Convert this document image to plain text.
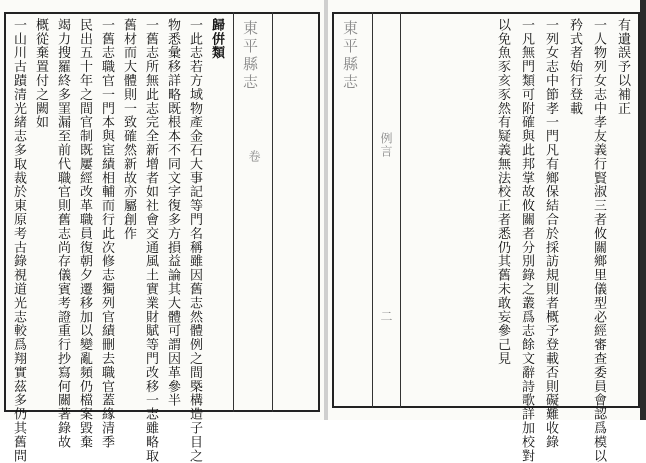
東平縣志
卷
歸倂類
一此志若方域物產金石大事記等門名稱雖因舊志然體例之間槩構造子目之
物悉彙移詳略既根本不同文字復多方損益論其大體可謂因革參半
一舊志所無此志完全新增者如社會交通風土實業財賦等門改移一志雖略取
舊材而大體則一致確然新故亦屬創作
一舊志職官一門本與宦績相輔而行此次修志獨列官績刪去職官蓋緣清季
民出五十年之間官制既屢經改革職員復朝夕遷移加以變亂頻仍檔案毀棄
竭力搜羅終多罣漏至前代職官則舊志尚存儀賓考證重行抄寫何關著錄故
概從棄置付之闕如
一山川古蹟清光緒志多取裁於東原考古錄視道光志較爲翔實茲多仍其舊問	東平縣志
例言
二
有遺誤予以補正
一人物列女志中孝友義行賢淑三者攸關鄉里儀型必經審查委員會認爲模以
矜式者始行登載
一列女志中節孝一門凡有鄉保結合於採訪規則者概予登載否則礙難收錄
一凡無門類可附確與此邦掌故攸關者分別錄之叢爲志餘文辭詩歌詳加校對
以免魚豕亥豕然有疑義無法校正者悉仍其舊未敢妄參己見
